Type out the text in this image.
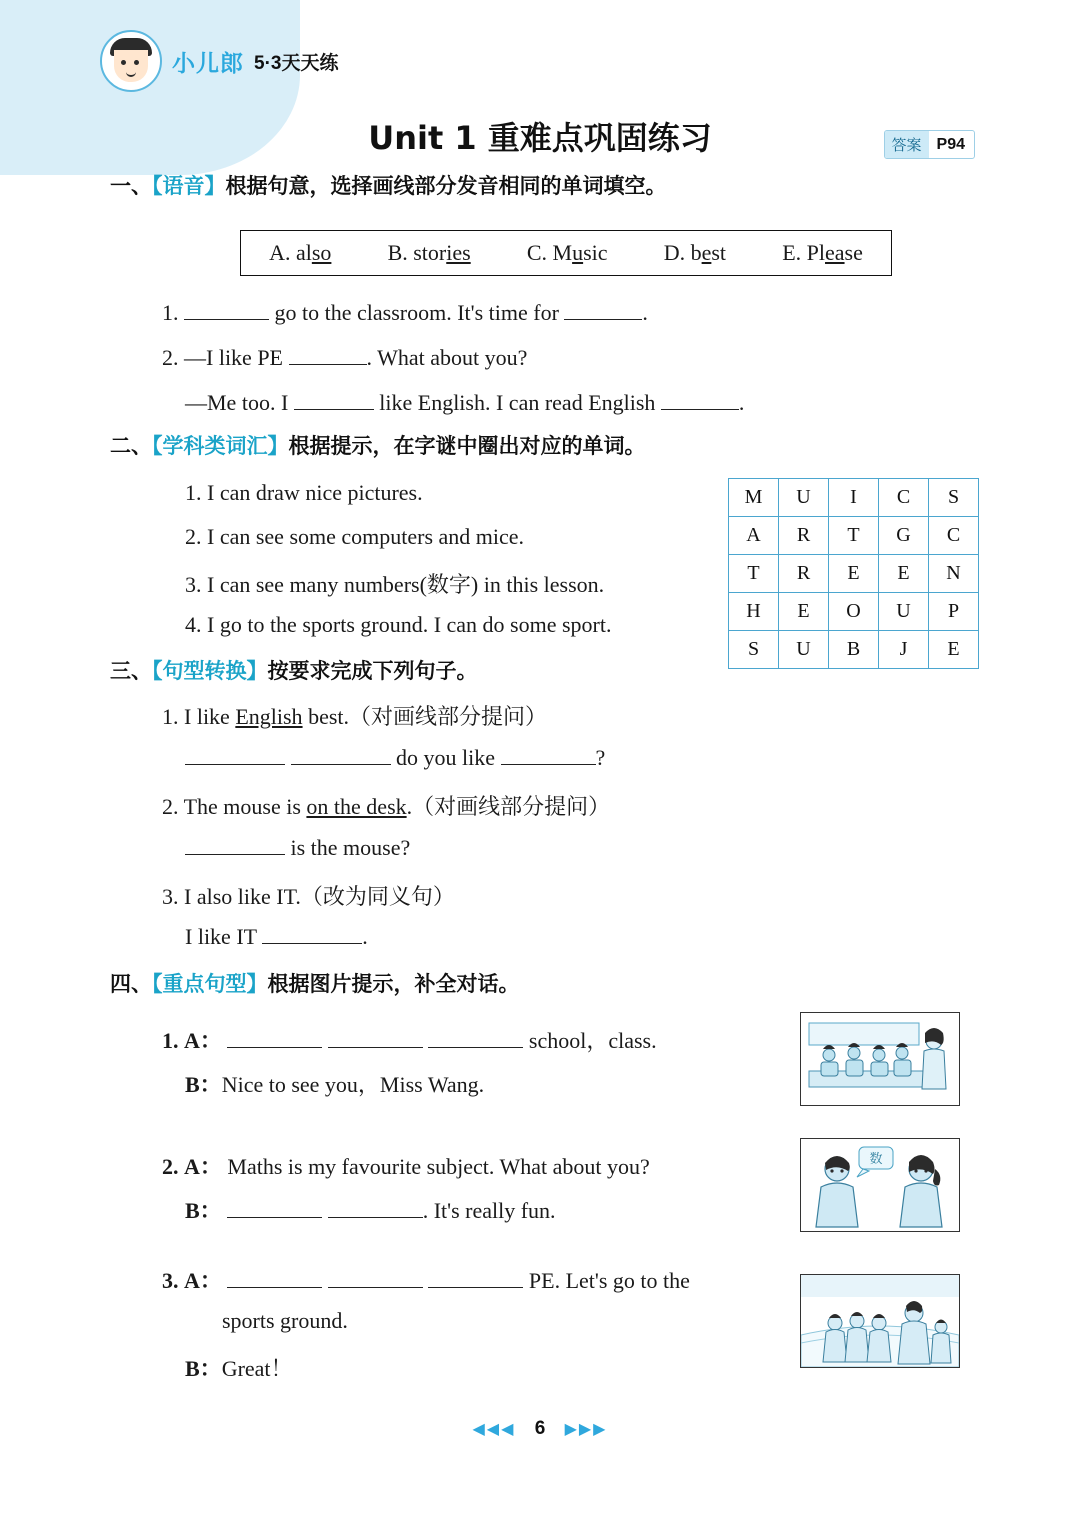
小儿郎 5·3天天练
Unit 1 重难点巩固练习	答案 P94
一、【语音】根据句意，选择画线部分发音相同的单词填空。
A. also	B. stories	C. Music	D. best	E. Please
1.	go to the classroom. It's time for	.
2. —I like PE	. What about you?
—Me too. I	like English. I can read English	.
二、【学科类词汇】根据提示，在字谜中圈出对应的单词。
1. I can draw nice pictures.
2. I can see some computers and mice.
3. I can see many numbers(数字) in this lesson.
4. I go to the sports ground. I can do some sport.
M	U	I	C	S
A	R	T	G	C
T	R	E	E	N
H	E	O	U	P
S	U	B	J	E
三、【句型转换】按要求完成下列句子。
1. I like English best.（对画线部分提问）
do you like	?
2. The mouse is on the desk.（对画线部分提问）
is the mouse?
3. I also like IT.（改为同义句）
I like IT	.
四、【重点句型】根据图片提示，补全对话。
1. A：	school，class.
B：Nice to see you，Miss Wang.
2. A： Maths is my favourite subject. What about you?
B：	. It's really fun.
3. A：	PE. Let's go to the
sports ground.
B：Great！
数
◀◀◀ 6 ▶▶▶
